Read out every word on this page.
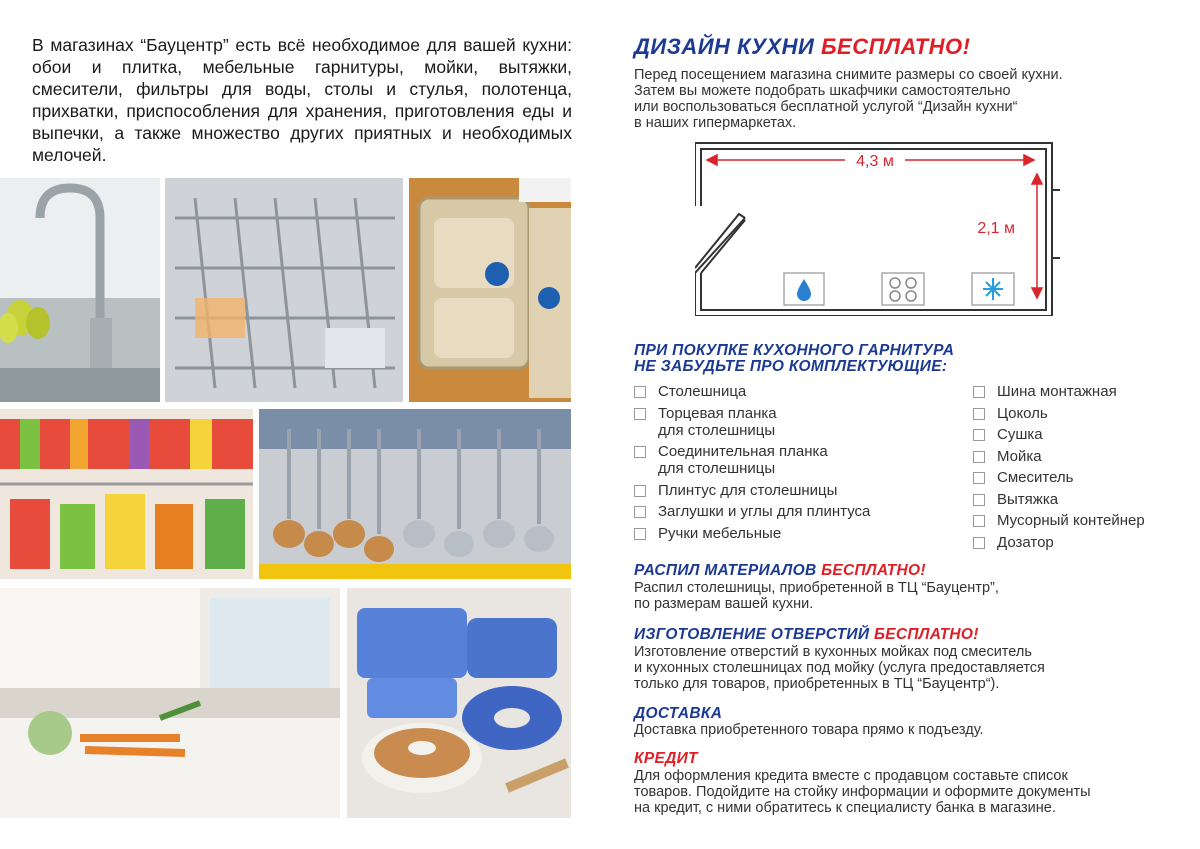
В магазинах “Бауцентр” есть всё необходимое для вашей кухни: обои и плитка, мебельные гарнитуры, мойки, вытяжки, смесители, фильтры для воды, столы и стулья, полотенца, прихватки, приспособления для хранения, приготовления еды и выпечки, а также множество других приятных и необходимых мелочей.
ДИЗАЙН КУХНИ БЕСПЛАТНО!
Перед посещением магазина снимите размеры со своей кухни.
Затем вы можете подобрать шкафчики самостоятельно
или воспользоваться бесплатной услугой “Дизайн кухни“
в наших гипермаркетах.
4,3 м
2,1 м
ПРИ ПОКУПКЕ КУХОННОГО ГАРНИТУРА
НЕ ЗАБУДЬТЕ ПРО КОМПЛЕКТУЮЩИЕ:
Столешница
Торцевая планка
для столешницы
Соединительная планка
для столешницы
Плинтус для столешницы
Заглушки и углы для плинтуса
Ручки мебельные
Шина монтажная
Цоколь
Сушка
Мойка
Смеситель
Вытяжка
Мусорный контейнер
Дозатор
РАСПИЛ МАТЕРИАЛОВ БЕСПЛАТНО!
Распил столешницы, приобретенной в ТЦ “Бауцентр”,
по размерам вашей кухни.
ИЗГОТОВЛЕНИЕ ОТВЕРСТИЙ БЕСПЛАТНО!
Изготовление отверстий в кухонных мойках под смеситель
и кухонных столешницах под мойку (услуга предоставляется
только для товаров, приобретенных в ТЦ “Бауцентр“).
ДОСТАВКА
Доставка приобретенного товара прямо к подъезду.
КРЕДИТ
Для оформления кредита вместе с продавцом составьте список
товаров. Подойдите на стойку информации и оформите документы
на кредит, с ними обратитесь к специалисту банка в магазине.
